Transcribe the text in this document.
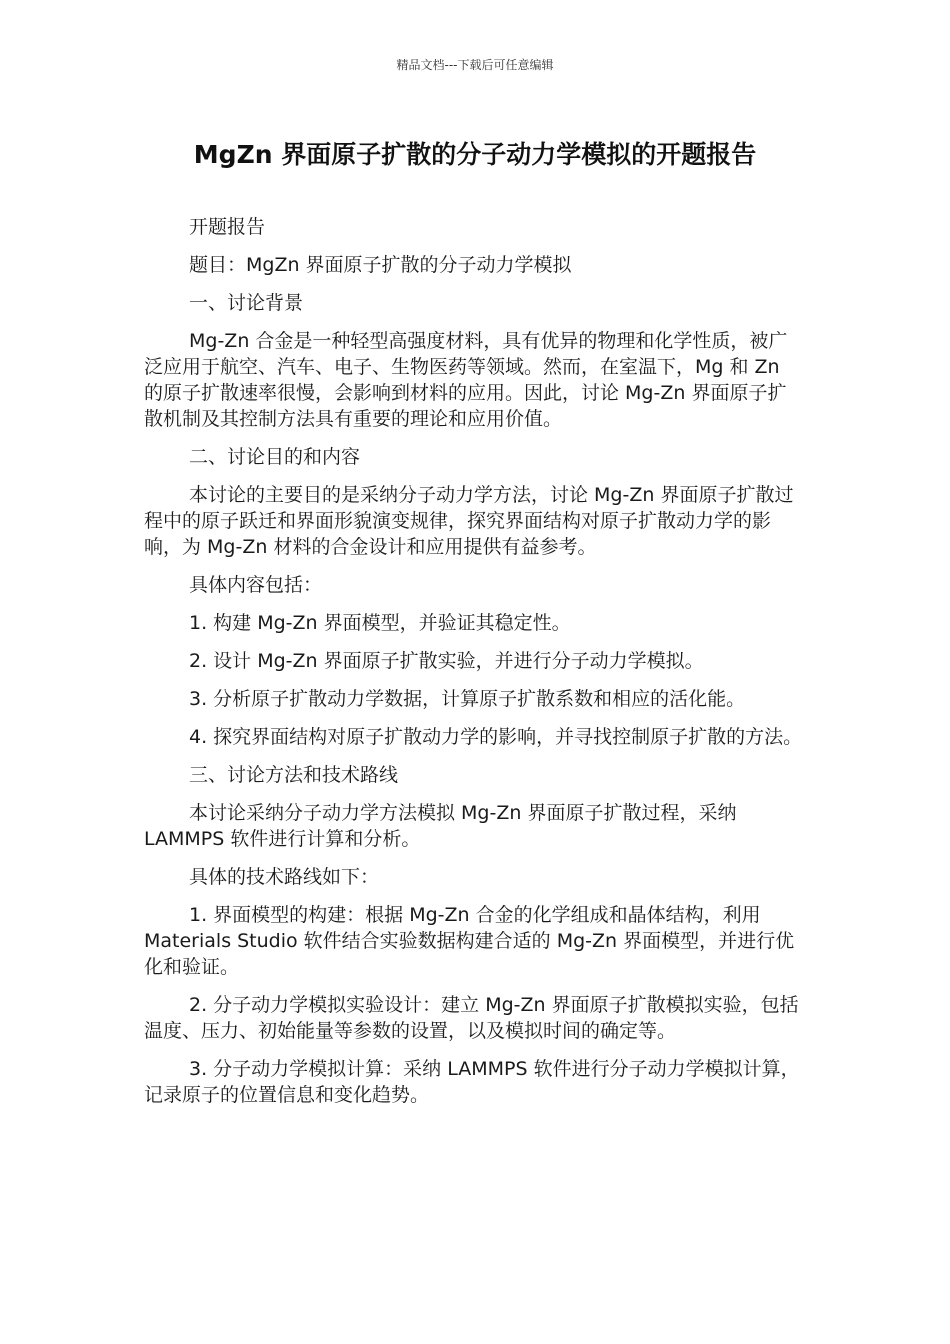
精品文档---下载后可任意编辑
MgZn 界面原子扩散的分子动力学模拟的开题报告

开题报告

题目：MgZn 界面原子扩散的分子动力学模拟

一、讨论背景

Mg-Zn 合金是一种轻型高强度材料，具有优异的物理和化学性质，被广泛应用于航空、汽车、电子、生物医药等领域。然而，在室温下，Mg 和 Zn 的原子扩散速率很慢，会影响到材料的应用。因此，讨论 Mg-Zn 界面原子扩散机制及其控制方法具有重要的理论和应用价值。

二、讨论目的和内容

本讨论的主要目的是采纳分子动力学方法，讨论 Mg-Zn 界面原子扩散过程中的原子跃迁和界面形貌演变规律，探究界面结构对原子扩散动力学的影响，为 Mg-Zn 材料的合金设计和应用提供有益参考。

具体内容包括：

1. 构建 Mg-Zn 界面模型，并验证其稳定性。

2. 设计 Mg-Zn 界面原子扩散实验，并进行分子动力学模拟。

3. 分析原子扩散动力学数据，计算原子扩散系数和相应的活化能。

4. 探究界面结构对原子扩散动力学的影响，并寻找控制原子扩散的方法。

三、讨论方法和技术路线

本讨论采纳分子动力学方法模拟 Mg-Zn 界面原子扩散过程，采纳 LAMMPS 软件进行计算和分析。

具体的技术路线如下：

1. 界面模型的构建：根据 Mg-Zn 合金的化学组成和晶体结构，利用 Materials Studio 软件结合实验数据构建合适的 Mg-Zn 界面模型，并进行优化和验证。

2. 分子动力学模拟实验设计：建立 Mg-Zn 界面原子扩散模拟实验，包括温度、压力、初始能量等参数的设置，以及模拟时间的确定等。

3. 分子动力学模拟计算：采纳 LAMMPS 软件进行分子动力学模拟计算，记录原子的位置信息和变化趋势。
